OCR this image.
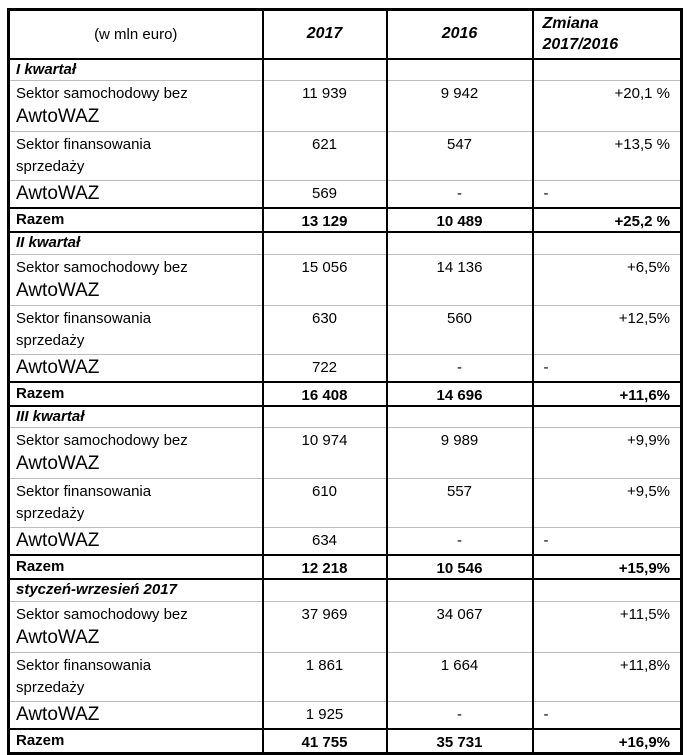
(w mln euro)	2017	2016	Zmiana
2017/2016
I kwartał			

Sektor samochodowy bez
AwtoWAZ	11 939	9 942	+20,1 %

Sektor finansowania
sprzedaży	621	547	+13,5 %
AwtoWAZ	569	-	-
Razem	13 129	10 489	+25,2 %
II kwartał			

Sektor samochodowy bez
AwtoWAZ	15 056	14 136	+6,5%

Sektor finansowania
sprzedaży	630	560	+12,5%
AwtoWAZ	722	-	-
Razem	16 408	14 696	+11,6%
III kwartał			

Sektor samochodowy bez
AwtoWAZ	10 974	9 989	+9,9%

Sektor finansowania
sprzedaży	610	557	+9,5%
AwtoWAZ	634	-	-
Razem	12 218	10 546	+15,9%
styczeń-wrzesień 2017			

Sektor samochodowy bez
AwtoWAZ	37 969	34 067	+11,5%

Sektor finansowania
sprzedaży	1 861	1 664	+11,8%
AwtoWAZ	1 925	-	-
Razem	41 755	35 731	+16,9%
